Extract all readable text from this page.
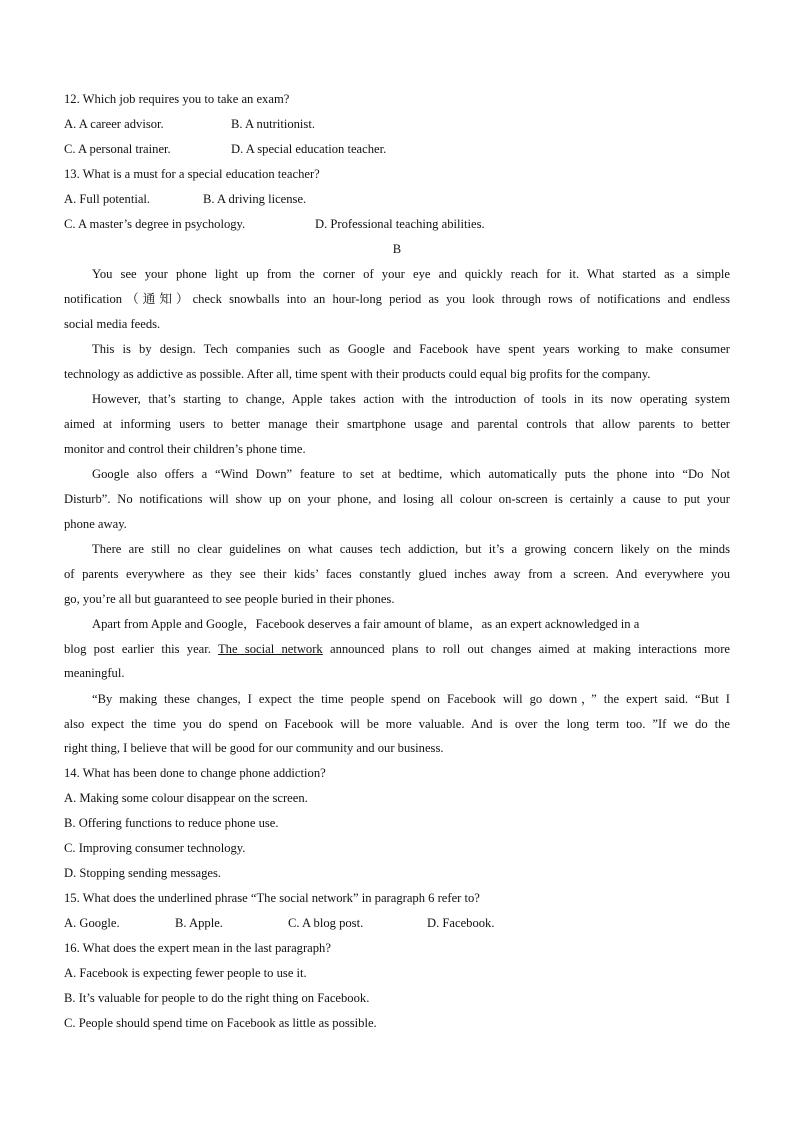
12. Which job requires you to take an exam?
A. A career advisor.	B. A nutritionist.
C. A personal trainer.	D. A special education teacher.
13. What is a must for a special education teacher?
A. Full potential.	B. A driving license.
C. A master’s degree in psychology.	D. Professional teaching abilities.
B
You see your phone light up from the corner of your eye and quickly reach for it. What started as a simple
notification（通知）check snowballs into an hour-long period as you look through rows of notifications and endless
social media feeds.
This is by design. Tech companies such as Google and Facebook have spent years working to make consumer
technology as addictive as possible. After all, time spent with their products could equal big profits for the company.
However, that’s starting to change, Apple takes action with the introduction of tools in its now operating system
aimed at informing users to better manage their smartphone usage and parental controls that allow parents to better
monitor and control their children’s phone time.
Google also offers a “Wind Down” feature to set at bedtime, which automatically puts the phone into “Do Not
Disturb”. No notifications will show up on your phone, and losing all colour on-screen is certainly a cause to put your
phone away.
There are still no clear guidelines on what causes tech addiction, but it’s a growing concern likely on the minds
of parents everywhere as they see their kids’ faces constantly glued inches away from a screen. And everywhere you
go, you’re all but guaranteed to see people buried in their phones.
Apart from Apple and Google，Facebook deserves a fair amount of blame，as an expert acknowledged in a
blog post earlier this year. The social network announced plans to roll out changes aimed at making interactions more
meaningful.
“By making these changes, I expect the time people spend on Facebook will go down，” the expert said. “But I
also expect the time you do spend on Facebook will be more valuable. And is over the long term too. ”If we do the
right thing, I believe that will be good for our community and our business.
14. What has been done to change phone addiction?
A. Making some colour disappear on the screen.
B. Offering functions to reduce phone use.
C. Improving consumer technology.
D. Stopping sending messages.
15. What does the underlined phrase “The social network” in paragraph 6 refer to?
A. Google.	B. Apple.	C. A blog post.	D. Facebook.
16. What does the expert mean in the last paragraph?
A. Facebook is expecting fewer people to use it.
B. It’s valuable for people to do the right thing on Facebook.
C. People should spend time on Facebook as little as possible.
